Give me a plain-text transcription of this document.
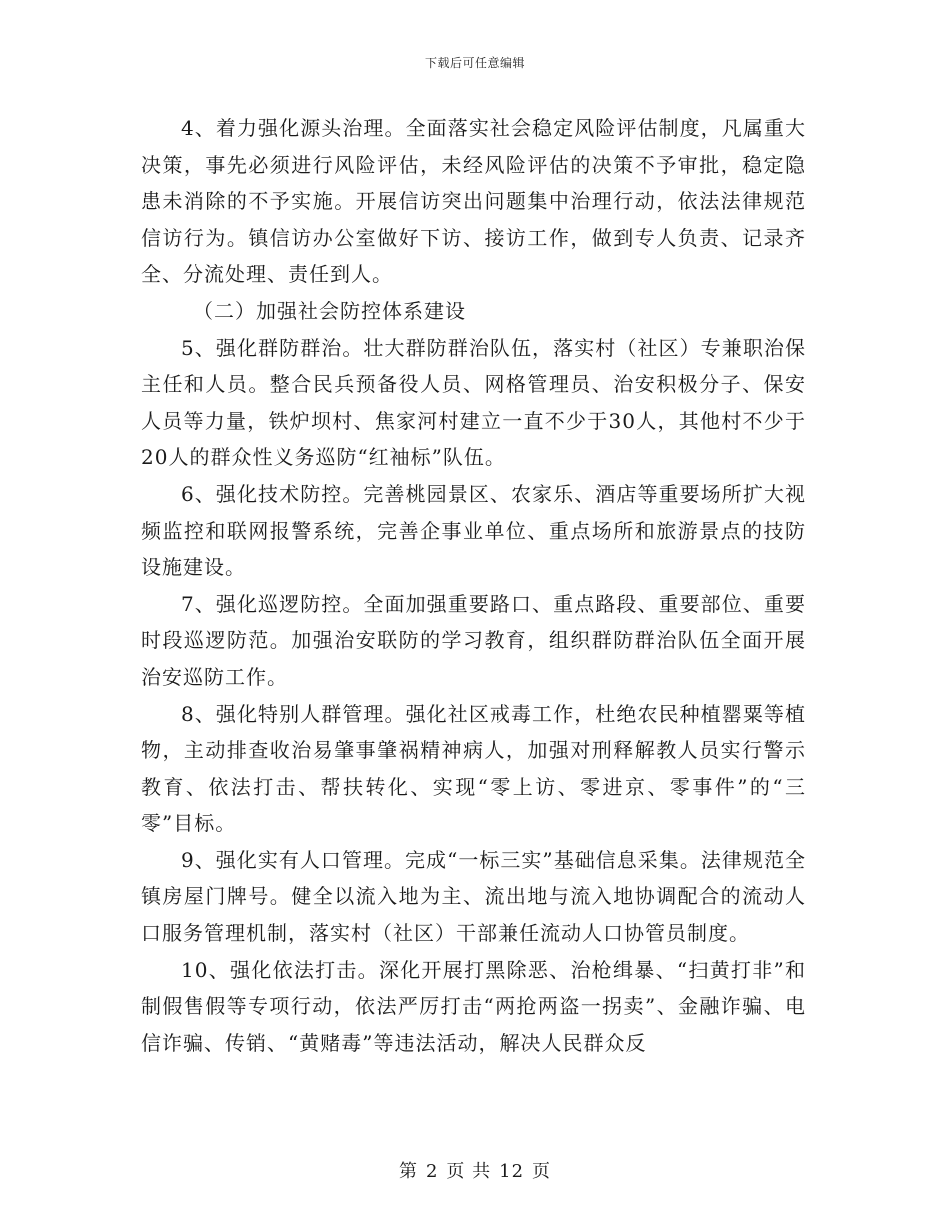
下载后可任意编辑

4、着力强化源头治理。全面落实社会稳定风险评估制度，凡属重大决策，事先必须进行风险评估，未经风险评估的决策不予审批，稳定隐患未消除的不予实施。开展信访突出问题集中治理行动，依法法律规范信访行为。镇信访办公室做好下访、接访工作，做到专人负责、记录齐全、分流处理、责任到人。

（二）加强社会防控体系建设

5、强化群防群治。壮大群防群治队伍，落实村（社区）专兼职治保主任和人员。整合民兵预备役人员、网格管理员、治安积极分子、保安人员等力量，铁炉坝村、焦家河村建立一直不少于30人，其他村不少于20人的群众性义务巡防“红袖标”队伍。

6、强化技术防控。完善桃园景区、农家乐、酒店等重要场所扩大视频监控和联网报警系统，完善企事业单位、重点场所和旅游景点的技防设施建设。

7、强化巡逻防控。全面加强重要路口、重点路段、重要部位、重要时段巡逻防范。加强治安联防的学习教育，组织群防群治队伍全面开展治安巡防工作。

8、强化特别人群管理。强化社区戒毒工作，杜绝农民种植罂粟等植物，主动排查收治易肇事肇祸精神病人，加强对刑释解教人员实行警示教育、依法打击、帮扶转化、实现“零上访、零进京、零事件”的“三零”目标。

9、强化实有人口管理。完成“一标三实”基础信息采集。法律规范全镇房屋门牌号。健全以流入地为主、流出地与流入地协调配合的流动人口服务管理机制，落实村（社区）干部兼任流动人口协管员制度。

10、强化依法打击。深化开展打黑除恶、治枪缉暴、“扫黄打非”和制假售假等专项行动，依法严厉打击“两抢两盗一拐卖”、金融诈骗、电信诈骗、传销、“黄赌毒”等违法活动，解决人民群众反

第 2 页 共 12 页
